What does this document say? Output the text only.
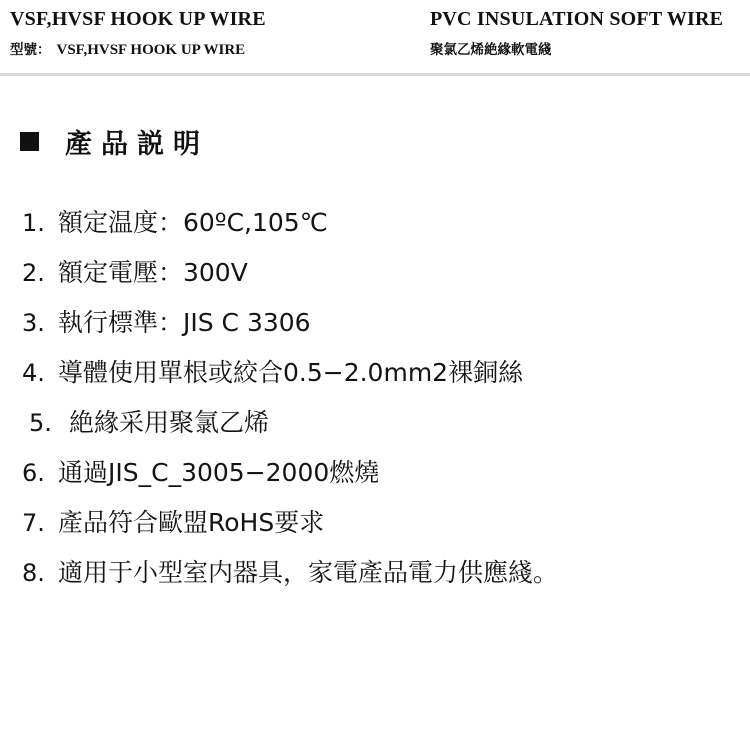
VSF,HVSF HOOK UP WIRE
型號： VSF,HVSF HOOK UP WIRE
PVC INSULATION SOFT WIRE
聚氯乙烯絶緣軟電綫
產品説明
1. 額定温度：60ºC,105℃
2. 額定電壓：300V
3. 執行標準：JIS C 3306
4. 導體使用單根或絞合0.5−2.0mm2裸銅絲
5. 絶緣采用聚氯乙烯
6. 通過JIS_C_3005−2000燃燒
7. 產品符合歐盟RoHS要求
8. 適用于小型室内器具，家電產品電力供應綫。
